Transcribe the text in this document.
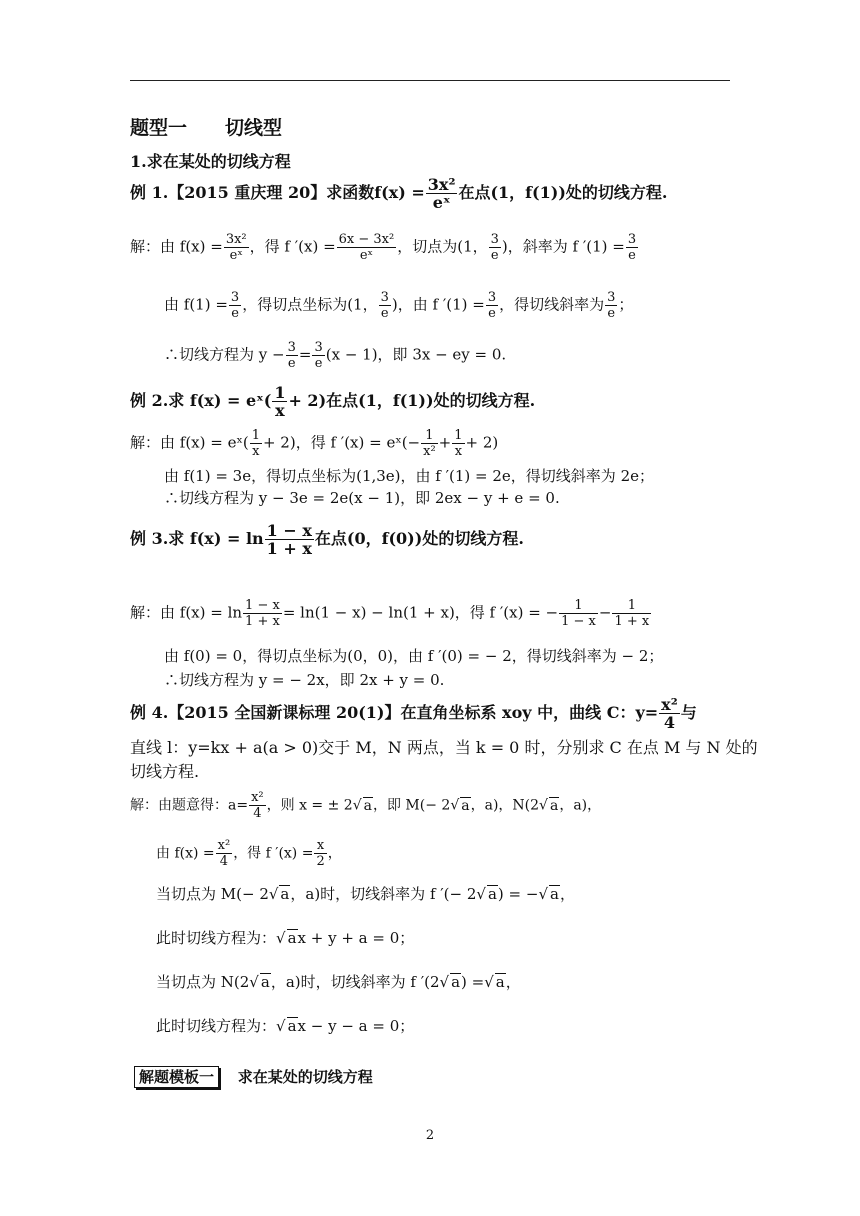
题型一　　切线型
1.求在某处的切线方程
例 1.【2015 重庆理 20】求函数$f(x) = \frac{\text{3x²}}{\text{eˣ}}$ 在点(1，f(1))处的切线方程.
解：由 $f(x) = \frac{\text{3x²}}{\text{eˣ}}$ ，得 f $'(x) = \frac{\text{6x − 3x²}}{\text{eˣ}}$ ，切点为(1， $\frac{3}{e}$ )，斜率为 f $'(1) = \frac{3}{e}$
由 $f(1) = \frac{3}{e}$ ，得切点坐标为(1， $\frac{3}{e}$ )，由 f $'(1) = \frac{3}{e}$ ，得切线斜率为 $\frac{3}{e}$ ；
∴切线方程为 $y - \frac{3}{e} = \frac{3}{e} (x - 1)$，即 3x − ey = 0.
例 2.求 f(x) = eˣ( $\frac{1}{x} + 2$)在点(1，f(1))处的切线方程.
解：由 f(x) = eˣ( $\frac{1}{x} + 2$)，得 f ′(x) = eˣ(− $\frac{1}{\text{x²}} + \frac{1}{x} + 2$)
由 f(1) = 3e，得切点坐标为(1,3e)，由 f ′(1) = 2e，得切线斜率为 2e；
∴切线方程为 y − 3e = 2e(x − 1)，即 2ex − y + e = 0.
例 3.求 $f(x) = \ln \frac{1 - x}{1 + x}$ 在点(0，f(0))处的切线方程.
解：由 $f(x) = \ln \frac{1 - x}{1 + x} = \ln(1 - x) - \ln(1 + x)$，得 f ′(x) = − $\frac{1}{1 - x} - \frac{1}{1 + x}$
由 f(0) = 0，得切点坐标为(0，0)，由 f ′(0) = − 2，得切线斜率为 − 2；
∴切线方程为 y = − 2x，即 2x + y = 0.
例 4.【2015 全国新课标理 20(1)】在直角坐标系 xoy 中，曲线 C：$y= \frac{\text{x²}}{4}$ 与
直线 l：y=kx + a(a > 0)交于 M，N 两点，当 k = 0 时，分别求 C 在点 M 与 N 处的
切线方程.
解：由题意得：$a= \frac{\text{x²}}{4}$ ，则 x = ± 2√ a，即 M(− 2√ a，a)，N(2√ a，a)，
由 $f(x) = \frac{\text{x²}}{4}$ ，得 f $'(x) = \frac{x}{2}$ ，
当切点为 M(− 2√ a，a)时，切线斜率为 f ′(− 2√ a) = −√ a，
此时切线方程为：√ ax + y + a = 0；
当切点为 N(2√ a，a)时，切线斜率为 f ′(2√ a) =√ a，
此时切线方程为：√ ax − y − a = 0；
解题模板一 求在某处的切线方程
2
